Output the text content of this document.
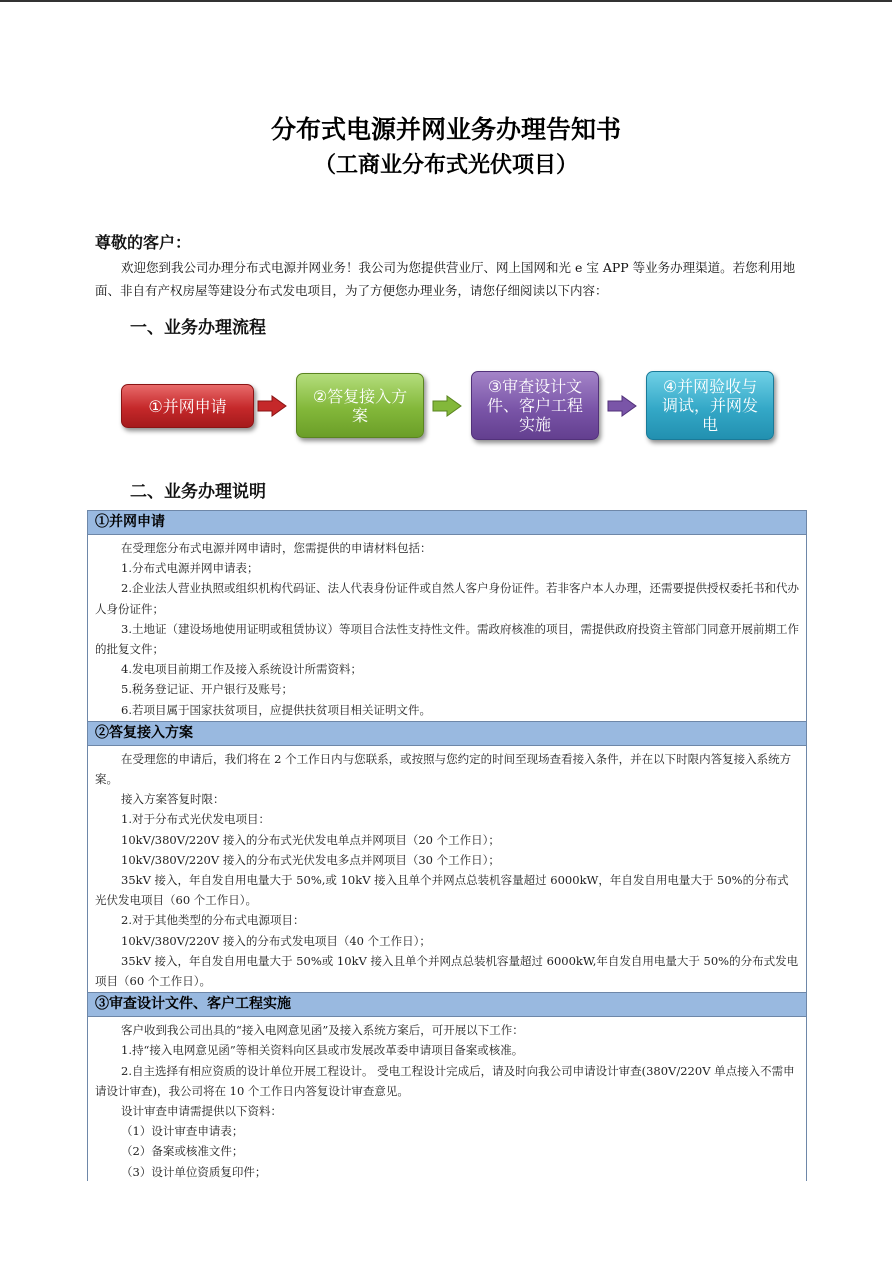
分布式电源并网业务办理告知书
（工商业分布式光伏项目）
尊敬的客户：
欢迎您到我公司办理分布式电源并网业务！我公司为您提供营业厅、网上国网和光 e 宝 APP 等业务办理渠道。若您利用地面、非自有产权房屋等建设分布式发电项目，为了方便您办理业务，请您仔细阅读以下内容：
一、业务办理流程
①并网申请
②答复接入方案
③审查设计文件、客户工程实施
④并网验收与调试，并网发电
二、业务办理说明
①并网申请

在受理您分布式电源并网申请时，您需提供的申请材料包括：

1.分布式电源并网申请表；

2.企业法人营业执照或组织机构代码证、法人代表身份证件或自然人客户身份证件。若非客户本人办理，还需要提供授权委托书和代办人身份证件；

3.土地证（建设场地使用证明或租赁协议）等项目合法性支持性文件。需政府核准的项目，需提供政府投资主管部门同意开展前期工作的批复文件；

4.发电项目前期工作及接入系统设计所需资料；

5.税务登记证、开户银行及账号；

6.若项目属于国家扶贫项目，应提供扶贫项目相关证明文件。

②答复接入方案

在受理您的申请后，我们将在 2 个工作日内与您联系，或按照与您约定的时间至现场查看接入条件，并在以下时限内答复接入系统方案。

接入方案答复时限：

1.对于分布式光伏发电项目：

10kV/380V/220V 接入的分布式光伏发电单点并网项目（20 个工作日）；

10kV/380V/220V 接入的分布式光伏发电多点并网项目（30 个工作日）；

35kV 接入，年自发自用电量大于 50%,或 10kV 接入且单个并网点总装机容量超过 6000kW，年自发自用电量大于 50%的分布式光伏发电项目（60 个工作日）。

2.对于其他类型的分布式电源项目：

10kV/380V/220V 接入的分布式发电项目（40 个工作日）；

35kV 接入，年自发自用电量大于 50%或 10kV 接入且单个并网点总装机容量超过 6000kW,年自发自用电量大于 50%的分布式发电项目（60 个工作日）。

③审查设计文件、客户工程实施

客户收到我公司出具的“接入电网意见函”及接入系统方案后，可开展以下工作：

1.持“接入电网意见函”等相关资料向区县或市发展改革委申请项目备案或核准。

2.自主选择有相应资质的设计单位开展工程设计。 受电工程设计完成后，请及时向我公司申请设计审查(380V/220V 单点接入不需申请设计审查)，我公司将在 10 个工作日内答复设计审查意见。

设计审查申请需提供以下资料：

（1）设计审查申请表；

（2）备案或核准文件；

（3）设计单位资质复印件；
